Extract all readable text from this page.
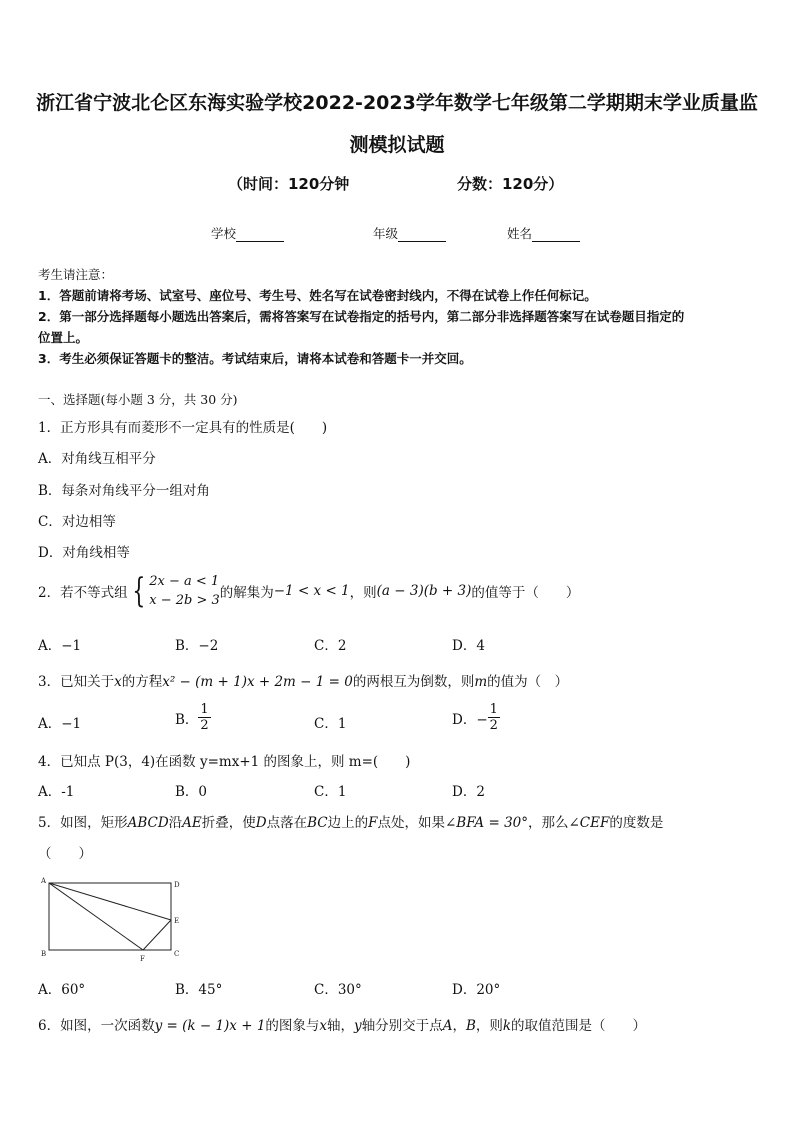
浙江省宁波北仑区东海实验学校2022-2023学年数学七年级第二学期期末学业质量监
测模拟试题
（时间：120分钟	分数：120分）
学校	年级	姓名
考生请注意：
1．答题前请将考场、试室号、座位号、考生号、姓名写在试卷密封线内，不得在试卷上作任何标记。
2．第一部分选择题每小题选出答案后，需将答案写在试卷指定的括号内，第二部分非选择题答案写在试卷题目指定的
位置上。
3．考生必须保证答题卡的整洁。考试结束后，请将本试卷和答题卡一并交回。
一、选择题(每小题 3 分，共 30 分)
1．正方形具有而菱形不一定具有的性质是(　　)
A．对角线互相平分
B．每条对角线平分一组对角
C．对边相等
D．对角线相等
2．若不等式组 { 2x − a < 1
x − 2b > 3 的解集为 −1 < x < 1 ，则 (a − 3)(b + 3) 的值等于（　　）
A．−1	B．−2	C．2	D．4
3．已知关于x的方程x² − (m + 1)x + 2m − 1 = 0的两根互为倒数，则m的值为（　）
A．−1	B． $\frac{1}{2}$	C．1	D．− $\frac{1}{2}$
4．已知点 P(3，4)在函数 y=mx+1 的图象上，则 m=(　　)
A．-1	B．0	C．1	D．2
5．如图，矩形ABCD沿AE折叠，使D点落在BC边上的F点处，如果∠BFA = 30°，那么∠CEF的度数是
（　　）
A
B	C
D
E
F
A．60°	B．45°	C．30°	D．20°
6．如图，一次函数y = (k − 1)x + 1的图象与x轴，y轴分别交于点A，B，则k的取值范围是（　　）
